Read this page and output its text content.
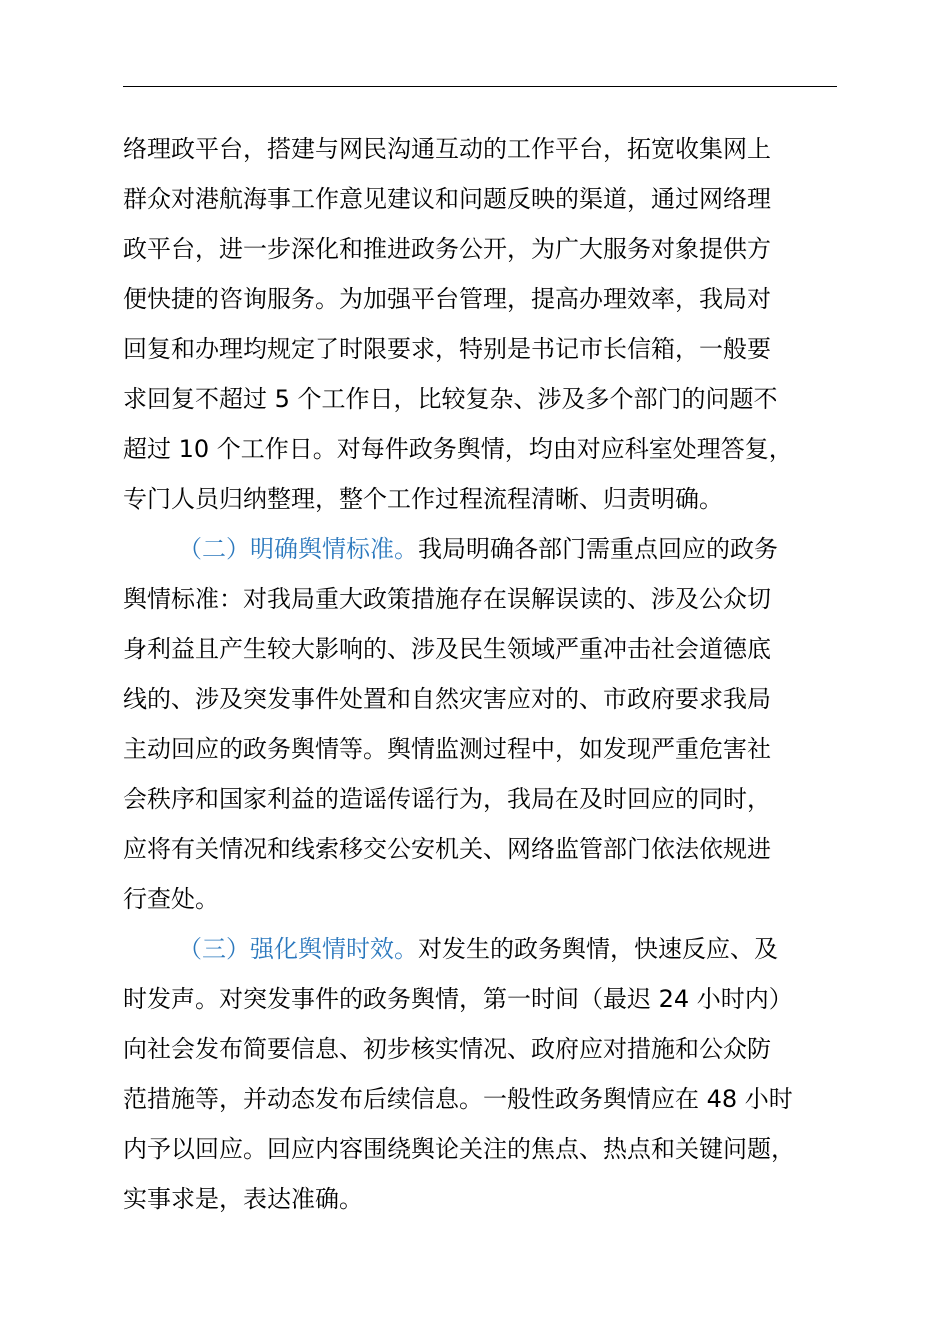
络理政平台，搭建与网民沟通互动的工作平台，拓宽收集网上
群众对港航海事工作意见建议和问题反映的渠道，通过网络理
政平台，进一步深化和推进政务公开，为广大服务对象提供方
便快捷的咨询服务。为加强平台管理，提高办理效率，我局对
回复和办理均规定了时限要求，特别是书记市长信箱，一般要
求回复不超过 5 个工作日，比较复杂、涉及多个部门的问题不
超过 10 个工作日。对每件政务舆情，均由对应科室处理答复，
专门人员归纳整理，整个工作过程流程清晰、归责明确。
（二）明确舆情标准。我局明确各部门需重点回应的政务
舆情标准：对我局重大政策措施存在误解误读的、涉及公众切
身利益且产生较大影响的、涉及民生领域严重冲击社会道德底
线的、涉及突发事件处置和自然灾害应对的、市政府要求我局
主动回应的政务舆情等。舆情监测过程中，如发现严重危害社
会秩序和国家利益的造谣传谣行为，我局在及时回应的同时，
应将有关情况和线索移交公安机关、网络监管部门依法依规进
行查处。
（三）强化舆情时效。对发生的政务舆情，快速反应、及
时发声。对突发事件的政务舆情，第一时间（最迟 24 小时内）
向社会发布简要信息、初步核实情况、政府应对措施和公众防
范措施等，并动态发布后续信息。一般性政务舆情应在 48 小时
内予以回应。回应内容围绕舆论关注的焦点、热点和关键问题，
实事求是，表达准确。
